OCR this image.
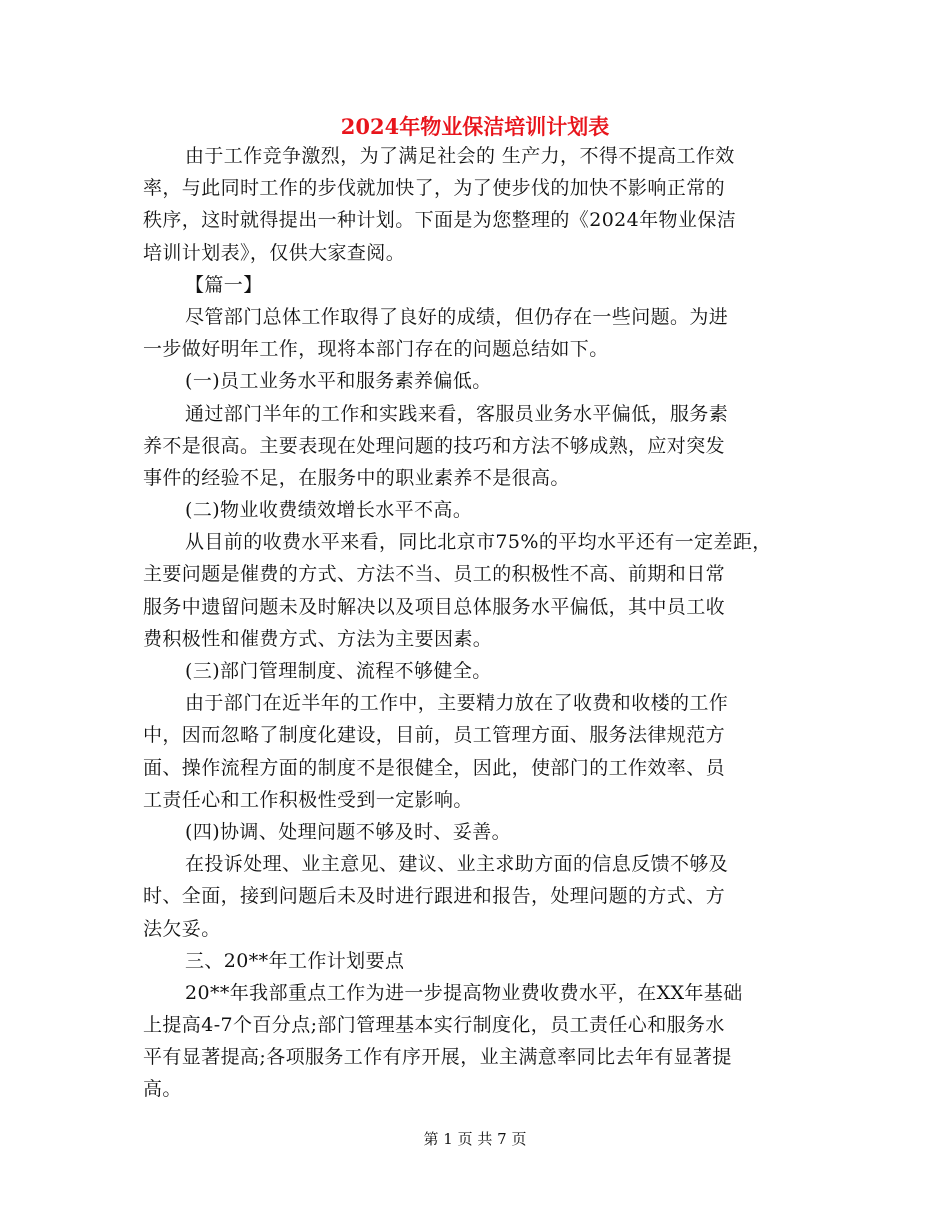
2024年物业保洁培训计划表
由于工作竞争激烈，为了满足社会的 生产力，不得不提高工作效
率，与此同时工作的步伐就加快了，为了使步伐的加快不影响正常的
秩序，这时就得提出一种计划。下面是为您整理的《2024年物业保洁
培训计划表》，仅供大家查阅。
【篇一】
尽管部门总体工作取得了良好的成绩，但仍存在一些问题。为进
一步做好明年工作，现将本部门存在的问题总结如下。
(一)员工业务水平和服务素养偏低。
通过部门半年的工作和实践来看，客服员业务水平偏低，服务素
养不是很高。主要表现在处理问题的技巧和方法不够成熟，应对突发
事件的经验不足，在服务中的职业素养不是很高。
(二)物业收费绩效增长水平不高。
从目前的收费水平来看，同比北京市75%的平均水平还有一定差距，
主要问题是催费的方式、方法不当、员工的积极性不高、前期和日常
服务中遗留问题未及时解决以及项目总体服务水平偏低，其中员工收
费积极性和催费方式、方法为主要因素。
(三)部门管理制度、流程不够健全。
由于部门在近半年的工作中，主要精力放在了收费和收楼的工作
中，因而忽略了制度化建设，目前，员工管理方面、服务法律规范方
面、操作流程方面的制度不是很健全，因此，使部门的工作效率、员
工责任心和工作积极性受到一定影响。
(四)协调、处理问题不够及时、妥善。
在投诉处理、业主意见、建议、业主求助方面的信息反馈不够及
时、全面，接到问题后未及时进行跟进和报告，处理问题的方式、方
法欠妥。
三、20**年工作计划要点
20**年我部重点工作为进一步提高物业费收费水平，在XX年基础
上提高4-7个百分点;部门管理基本实行制度化，员工责任心和服务水
平有显著提高;各项服务工作有序开展，业主满意率同比去年有显著提
高。
第 1 页 共 7 页
